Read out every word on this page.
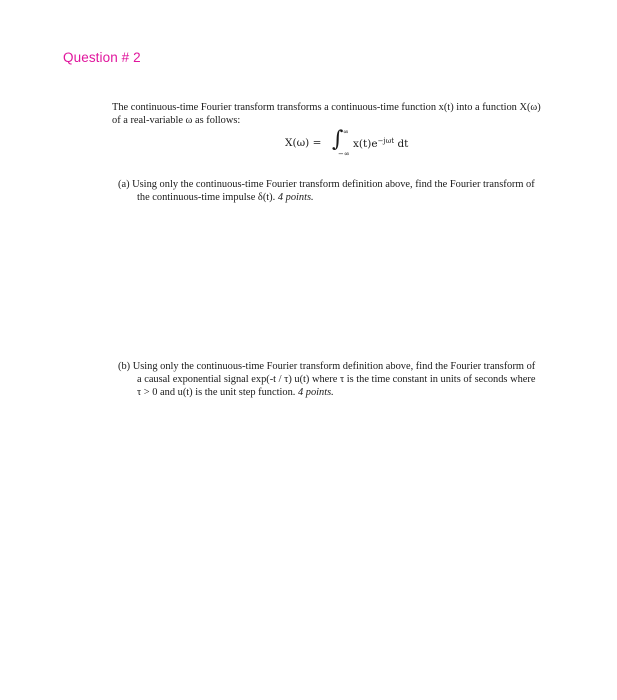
Question # 2
The continuous-time Fourier transform transforms a continuous-time function x(t) into a function X(ω)
of a real-variable ω as follows:
X(ω) = ∫ ∞
−∞
$x(t)e^{-j\omega t}$ dt
(a) Using only the continuous-time Fourier transform definition above, find the Fourier transform of
the continuous-time impulse δ(t). 4 points.
(b) Using only the continuous-time Fourier transform definition above, find the Fourier transform of
a causal exponential signal exp(-t / τ) u(t) where τ is the time constant in units of seconds where
τ > 0 and u(t) is the unit step function. 4 points.
